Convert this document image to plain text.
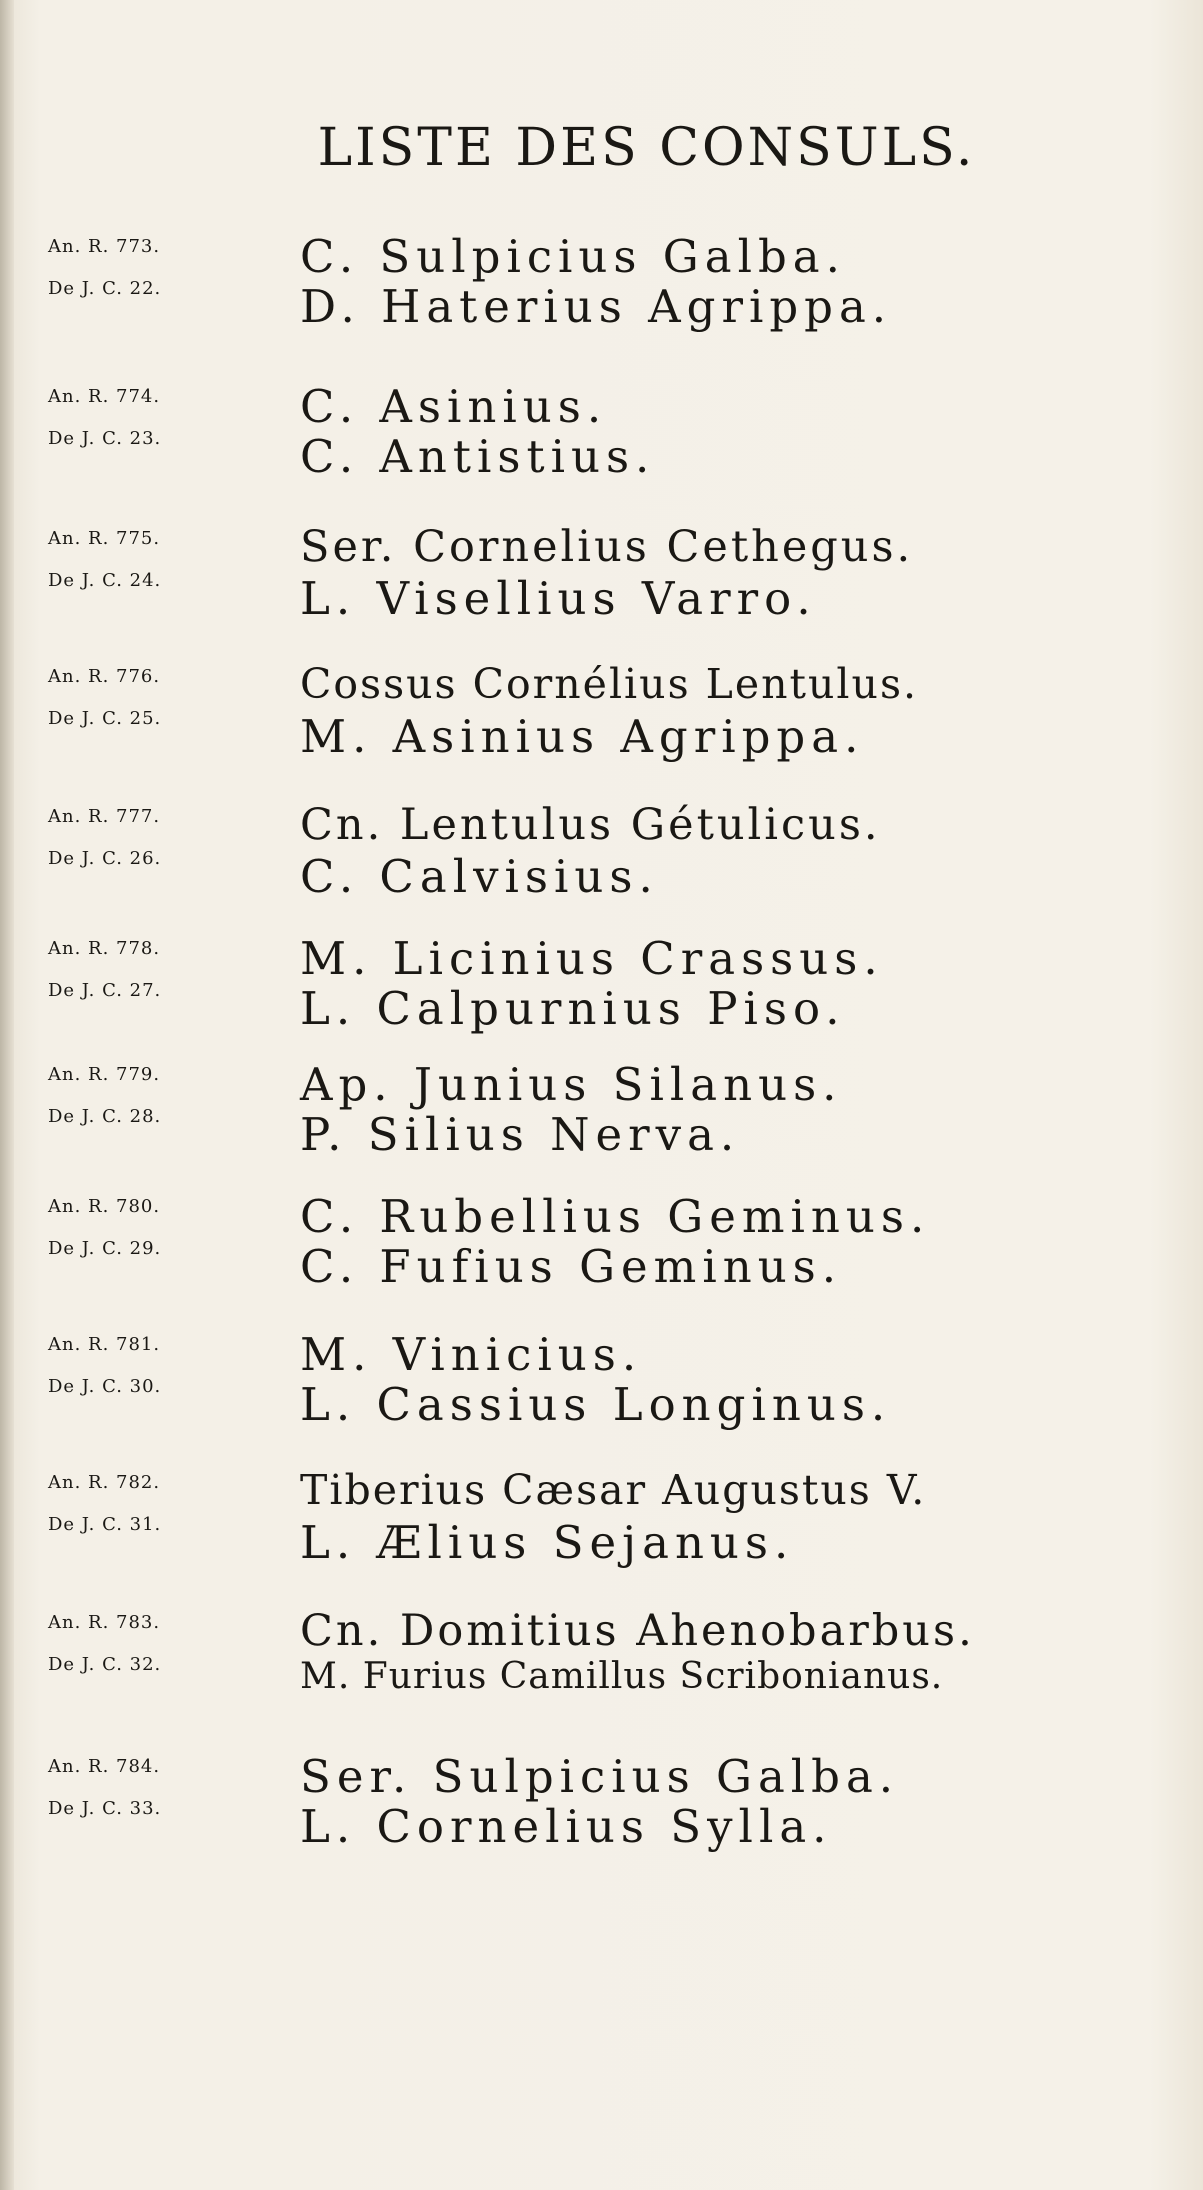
LISTE DES CONSULS.
An. R. 773.
De J. C. 22.
C. Sulpicius Galba.
D. Haterius Agrippa.
An. R. 774.
De J. C. 23.
C. Asinius.
C. Antistius.
An. R. 775.
De J. C. 24.
Ser. Cornelius Cethegus.
L. Visellius Varro.
An. R. 776.
De J. C. 25.
Cossus Cornélius Lentulus.
M. Asinius Agrippa.
An. R. 777.
De J. C. 26.
Cn. Lentulus Gétulicus.
C. Calvisius.
An. R. 778.
De J. C. 27.
M. Licinius Crassus.
L. Calpurnius Piso.
An. R. 779.
De J. C. 28.
Ap. Junius Silanus.
P. Silius Nerva.
An. R. 780.
De J. C. 29.
C. Rubellius Geminus.
C. Fufius Geminus.
An. R. 781.
De J. C. 30.
M. Vinicius.
L. Cassius Longinus.
An. R. 782.
De J. C. 31.
Tiberius Cæsar Augustus V.
L. Ælius Sejanus.
An. R. 783.
De J. C. 32.
Cn. Domitius Ahenobarbus.
M. Furius Camillus Scribonianus.
An. R. 784.
De J. C. 33.
Ser. Sulpicius Galba.
L. Cornelius Sylla.
